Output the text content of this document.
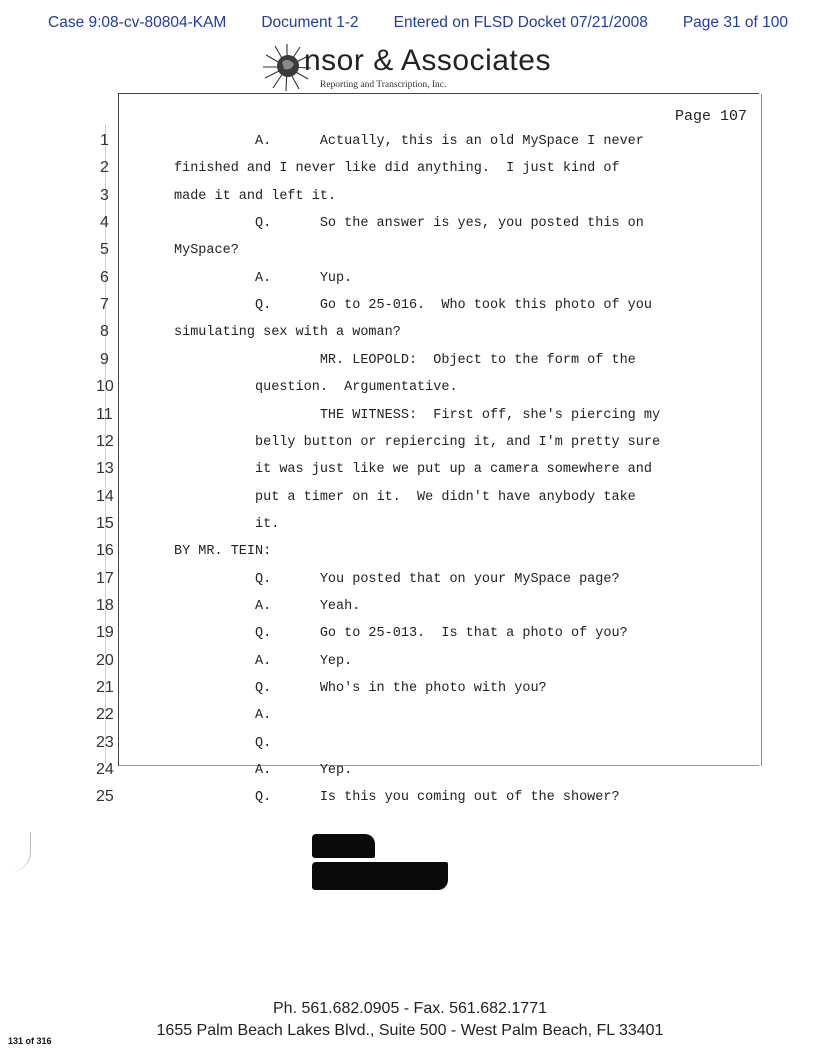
Case 9:08-cv-80804-KAM Document 1-2 Entered on FLSD Docket 07/21/2008 Page 31 of 100
nsor & Associates
Reporting and Transcription, Inc.
Page 107
1	A.      Actually, this is an old MySpace I never
2	finished and I never like did anything.  I just kind of
3	made it and left it.
4	Q.      So the answer is yes, you posted this on
5	MySpace?
6	A.      Yup.
7	Q.      Go to 25-016.  Who took this photo of you
8	simulating sex with a woman?
9	MR. LEOPOLD:  Object to the form of the
10	question.  Argumentative.
11	THE WITNESS:  First off, she's piercing my
12	belly button or repiercing it, and I'm pretty sure
13	it was just like we put up a camera somewhere and
14	put a timer on it.  We didn't have anybody take
15	it.
16	BY MR. TEIN:
17	Q.      You posted that on your MySpace page?
18	A.      Yeah.
19	Q.      Go to 25-013.  Is that a photo of you?
20	A.      Yep.
21	Q.      Who's in the photo with you?
22	A.
23	Q.
24	A.      Yep.
25	Q.      Is this you coming out of the shower?
Ph. 561.682.0905 - Fax. 561.682.1771
1655 Palm Beach Lakes Blvd., Suite 500 - West Palm Beach, FL 33401
131 of 316
